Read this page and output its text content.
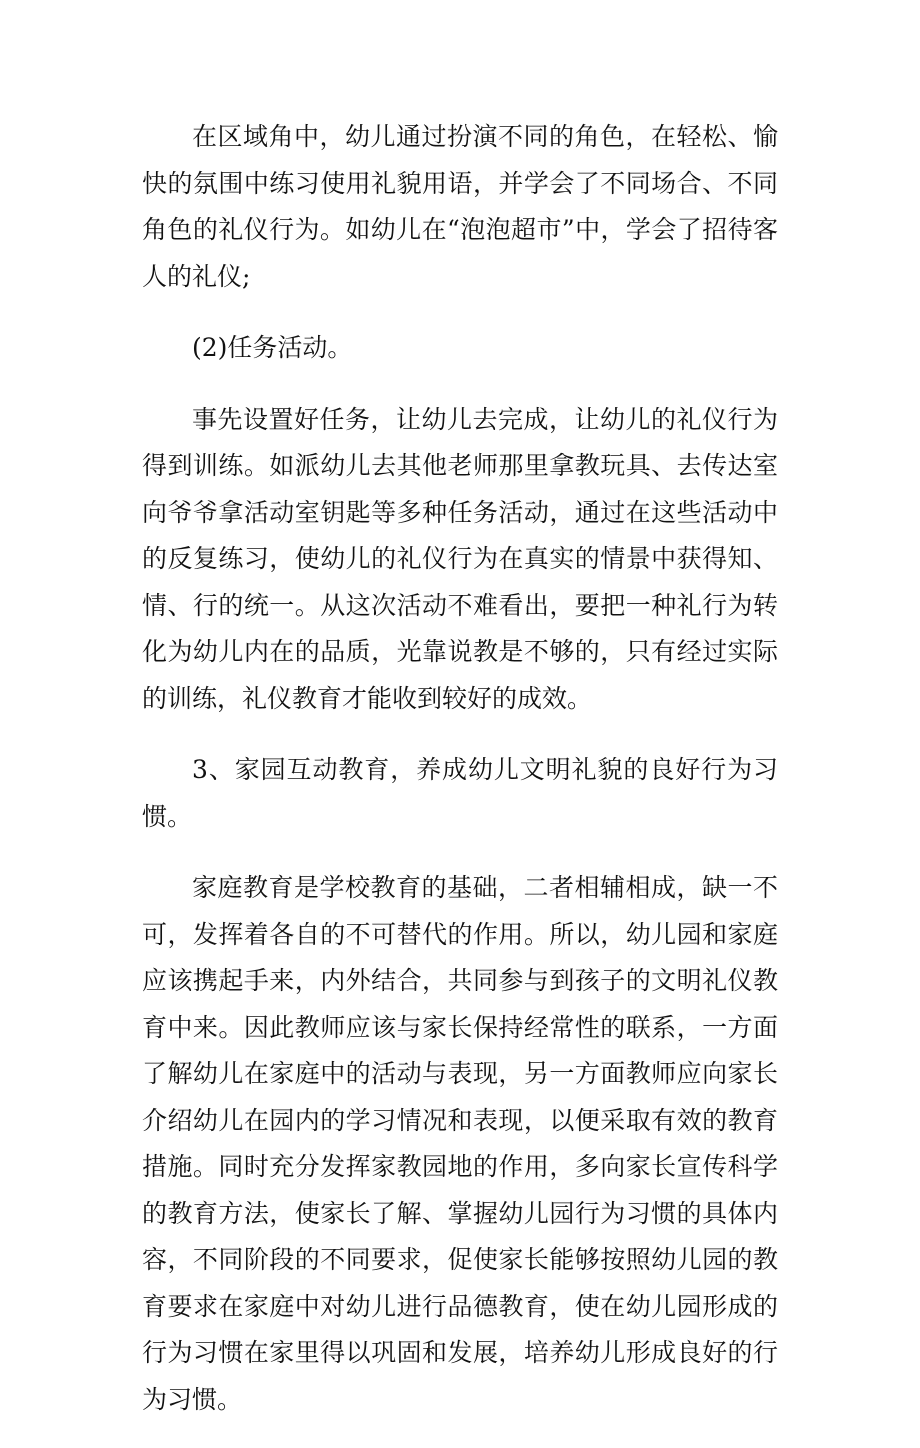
在区域角中，幼儿通过扮演不同的角色，在轻松、愉快的氛围中练习使用礼貌用语，并学会了不同场合、不同角色的礼仪行为。如幼儿在“泡泡超市”中，学会了招待客人的礼仪;

(2)任务活动。

事先设置好任务，让幼儿去完成，让幼儿的礼仪行为得到训练。如派幼儿去其他老师那里拿教玩具、去传达室向爷爷拿活动室钥匙等多种任务活动，通过在这些活动中的反复练习，使幼儿的礼仪行为在真实的情景中获得知、情、行的统一。从这次活动不难看出，要把一种礼行为转化为幼儿内在的品质，光靠说教是不够的，只有经过实际的训练，礼仪教育才能收到较好的成效。

3、家园互动教育，养成幼儿文明礼貌的良好行为习惯。

家庭教育是学校教育的基础，二者相辅相成，缺一不可，发挥着各自的不可替代的作用。所以，幼儿园和家庭应该携起手来，内外结合，共同参与到孩子的文明礼仪教育中来。因此教师应该与家长保持经常性的联系，一方面了解幼儿在家庭中的活动与表现，另一方面教师应向家长介绍幼儿在园内的学习情况和表现，以便采取有效的教育措施。同时充分发挥家教园地的作用，多向家长宣传科学的教育方法，使家长了解、掌握幼儿园行为习惯的具体内容，不同阶段的不同要求，促使家长能够按照幼儿园的教育要求在家庭中对幼儿进行品德教育，使在幼儿园形成的行为习惯在家里得以巩固和发展，培养幼儿形成良好的行为习惯。
